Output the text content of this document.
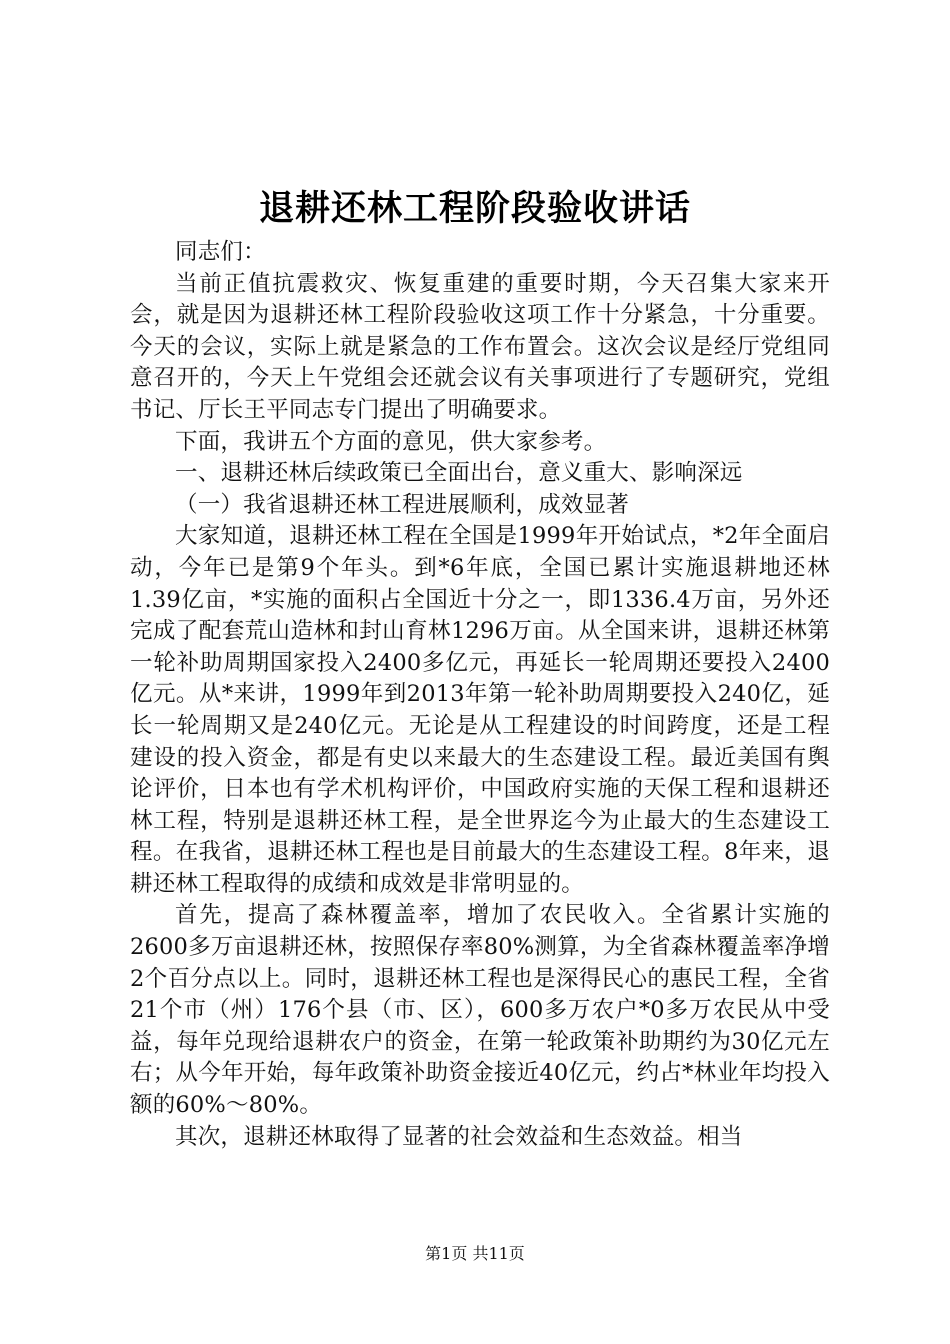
退耕还林工程阶段验收讲话

同志们：

当前正值抗震救灾、恢复重建的重要时期，今天召集大家来开会，就是因为退耕还林工程阶段验收这项工作十分紧急，十分重要。今天的会议，实际上就是紧急的工作布置会。这次会议是经厅党组同意召开的，今天上午党组会还就会议有关事项进行了专题研究，党组书记、厅长王平同志专门提出了明确要求。

下面，我讲五个方面的意见，供大家参考。

一、退耕还林后续政策已全面出台，意义重大、影响深远

（一）我省退耕还林工程进展顺利，成效显著

大家知道，退耕还林工程在全国是1999年开始试点，*2年全面启动，今年已是第9个年头。到*6年底，全国已累计实施退耕地还林1.39亿亩，*实施的面积占全国近十分之一，即1336.4万亩，另外还完成了配套荒山造林和封山育林1296万亩。从全国来讲，退耕还林第一轮补助周期国家投入2400多亿元，再延长一轮周期还要投入2400亿元。从*来讲，1999年到2013年第一轮补助周期要投入240亿，延长一轮周期又是240亿元。无论是从工程建设的时间跨度，还是工程建设的投入资金，都是有史以来最大的生态建设工程。最近美国有舆论评价，日本也有学术机构评价，中国政府实施的天保工程和退耕还林工程，特别是退耕还林工程，是全世界迄今为止最大的生态建设工程。在我省，退耕还林工程也是目前最大的生态建设工程。8年来，退耕还林工程取得的成绩和成效是非常明显的。

首先，提高了森林覆盖率，增加了农民收入。全省累计实施的2600多万亩退耕还林，按照保存率80%测算，为全省森林覆盖率净增2个百分点以上。同时，退耕还林工程也是深得民心的惠民工程，全省21个市（州）176个县（市、区），600多万农户*0多万农民从中受益，每年兑现给退耕农户的资金，在第一轮政策补助期约为30亿元左右；从今年开始，每年政策补助资金接近40亿元，约占*林业年均投入额的60%～80%。

其次，退耕还林取得了显著的社会效益和生态效益。相当

第1页 共11页
